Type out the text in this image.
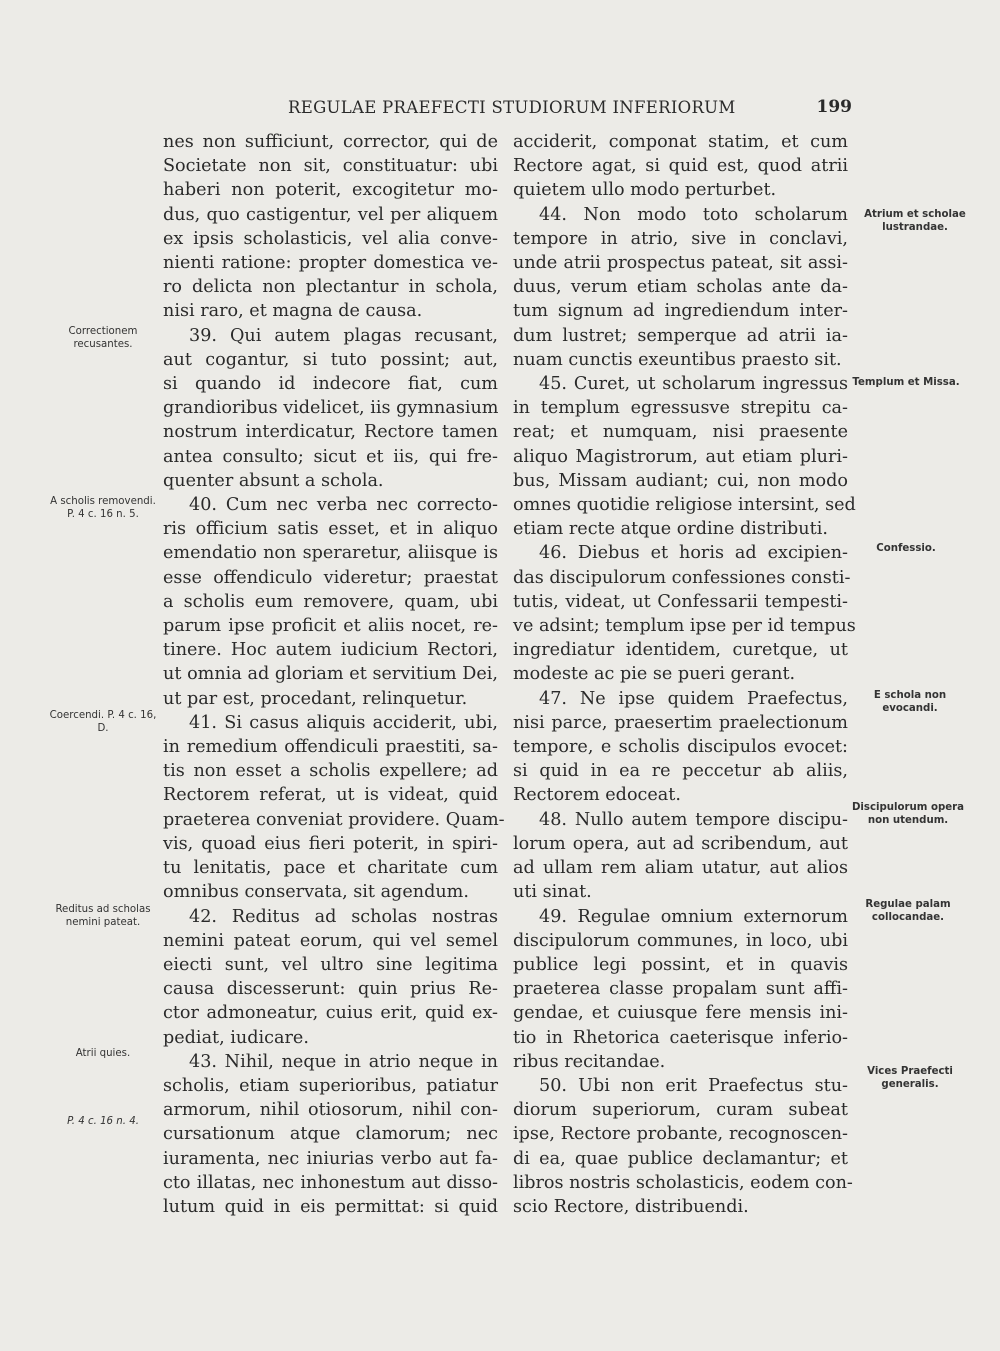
REGULAE PRAEFECTI STUDIORUM INFERIORUM	199
nes non sufficiunt, corrector, qui de
Societate non sit, constituatur: ubi
haberi non poterit, excogitetur mo-
dus, quo castigentur, vel per aliquem
ex ipsis scholasticis, vel alia conve-
nienti ratione: propter domestica ve-
ro delicta non plectantur in schola,
nisi raro, et magna de causa.
39. Qui autem plagas recusant,
aut cogantur, si tuto possint; aut,
si quando id indecore fiat, cum
grandioribus videlicet, iis gymnasium
nostrum interdicatur, Rectore tamen
antea consulto; sicut et iis, qui fre-
quenter absunt a schola.
40. Cum nec verba nec correcto-
ris officium satis esset, et in aliquo
emendatio non speraretur, aliisque is
esse offendiculo videretur; praestat
a scholis eum removere, quam, ubi
parum ipse proficit et aliis nocet, re-
tinere. Hoc autem iudicium Rectori,
ut omnia ad gloriam et servitium Dei,
ut par est, procedant, relinquetur.
41. Si casus aliquis acciderit, ubi,
in remedium offendiculi praestiti, sa-
tis non esset a scholis expellere; ad
Rectorem referat, ut is videat, quid
praeterea conveniat providere. Quam-
vis, quoad eius fieri poterit, in spiri-
tu lenitatis, pace et charitate cum
omnibus conservata, sit agendum.
42. Reditus ad scholas nostras
nemini pateat eorum, qui vel semel
eiecti sunt, vel ultro sine legitima
causa discesserunt: quin prius Re-
ctor admoneatur, cuius erit, quid ex-
pediat, iudicare.
43. Nihil, neque in atrio neque in
scholis, etiam superioribus, patiatur
armorum, nihil otiosorum, nihil con-
cursationum atque clamorum; nec
iuramenta, nec iniurias verbo aut fa-
cto illatas, nec inhonestum aut disso-
lutum quid in eis permittat: si quid
acciderit, componat statim, et cum
Rectore agat, si quid est, quod atrii
quietem ullo modo perturbet.
44. Non modo toto scholarum
tempore in atrio, sive in conclavi,
unde atrii prospectus pateat, sit assi-
duus, verum etiam scholas ante da-
tum signum ad ingrediendum inter-
dum lustret; semperque ad atrii ia-
nuam cunctis exeuntibus praesto sit.
45. Curet, ut scholarum ingressus
in templum egressusve strepitu ca-
reat; et numquam, nisi praesente
aliquo Magistrorum, aut etiam pluri-
bus, Missam audiant; cui, non modo
omnes quotidie religiose intersint, sed
etiam recte atque ordine distributi.
46. Diebus et horis ad excipien-
das discipulorum confessiones consti-
tutis, videat, ut Confessarii tempesti-
ve adsint; templum ipse per id tempus
ingrediatur identidem, curetque, ut
modeste ac pie se pueri gerant.
47. Ne ipse quidem Praefectus,
nisi parce, praesertim praelectionum
tempore, e scholis discipulos evocet:
si quid in ea re peccetur ab aliis,
Rectorem edoceat.
48. Nullo autem tempore discipu-
lorum opera, aut ad scribendum, aut
ad ullam rem aliam utatur, aut alios
uti sinat.
49. Regulae omnium externorum
discipulorum communes, in loco, ubi
publice legi possint, et in quavis
praeterea classe propalam sunt affi-
gendae, et cuiusque fere mensis ini-
tio in Rhetorica caeterisque inferio-
ribus recitandae.
50. Ubi non erit Praefectus stu-
diorum superiorum, curam subeat
ipse, Rectore probante, recognoscen-
di ea, quae publice declamantur; et
libros nostris scholasticis, eodem con-
scio Rectore, distribuendi.
Correctionem recusantes.
A scholis removendi. P. 4 c. 16 n. 5.
Coercendi. P. 4 c. 16, D.
Reditus ad scholas nemini pateat.
Atrii quies.
P. 4 c. 16 n. 4.
Atrium et scholae lustrandae.
Templum et Missa.
Confessio.
E schola non evocandi.
Discipulorum opera non utendum.
Regulae palam collocandae.
Vices Praefecti generalis.
